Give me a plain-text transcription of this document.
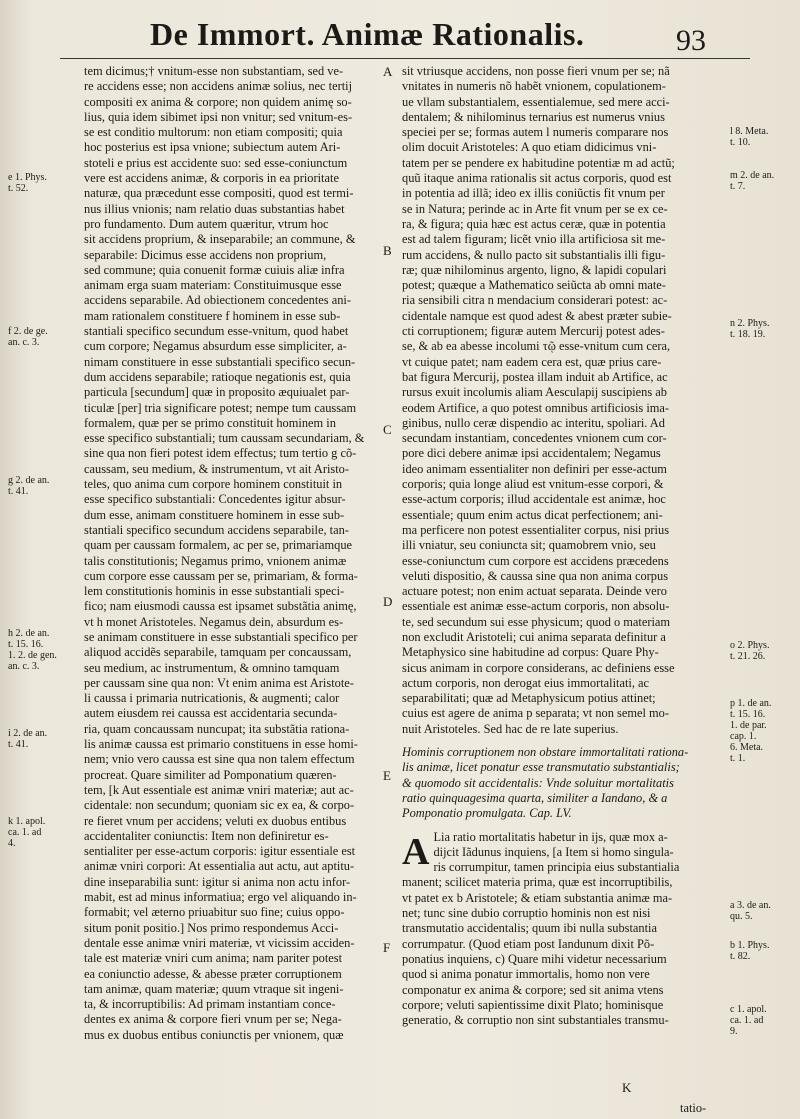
De Immort. Animæ Rationalis.	93
tem dicimus;† vnitum-esse non substantiam, sed ve-
re accidens esse; non accidens animæ solius, nec tertij
compositi ex anima & corpore; non quidem animę so-
lius, quia idem sibimet ipsi non vnitur; sed vnitum-es-
se est conditio multorum: non etiam compositi; quia
hoc posterius est ipsa vnione; subiectum autem Ari-
stoteli e prius est accidente suo: sed esse-coniunctum
vere est accidens animæ, & corporis in ea prioritate
naturæ, qua præcedunt esse compositi, quod est termi-
nus illius vnionis; nam relatio duas substantias habet
pro fundamento. Dum autem quæritur, vtrum hoc
sit accidens proprium, & inseparabile; an commune, &
separabile: Dicimus esse accidens non proprium,
sed commune; quia conuenit formæ cuiuis aliæ infra
animam erga suam materiam: Constituimusque esse
accidens separabile. Ad obiectionem concedentes ani-
mam rationalem constituere f hominem in esse sub-
stantiali specifico secundum esse-vnitum, quod habet
cum corpore; Negamus absurdum esse simpliciter, a-
nimam constituere in esse substantiali specifico secun-
dum accidens separabile; ratioque negationis est, quia
particula [secundum] quæ in proposito æquiualet par-
ticulæ [per] tria significare potest; nempe tum caussam
formalem, quæ per se primo constituit hominem in
esse specifico substantiali; tum caussam secundariam, &
sine qua non fieri potest idem effectus; tum tertio g cõ-
caussam, seu medium, & instrumentum, vt ait Aristo-
teles, quo anima cum corpore hominem constituit in
esse specifico substantiali: Concedentes igitur absur-
dum esse, animam constituere hominem in esse sub-
stantiali specifico secundum accidens separabile, tan-
quam per caussam formalem, ac per se, primariamque
talis constitutionis; Negamus primo, vnionem animæ
cum corpore esse caussam per se, primariam, & forma-
lem constitutionis hominis in esse substantiali speci-
fico; nam eiusmodi caussa est ipsamet substãtia animę,
vt h monet Aristoteles. Negamus dein, absurdum es-
se animam constituere in esse substantiali specifico per
aliquod accidẽs separabile, tamquam per concaussam,
seu medium, ac instrumentum, & omnino tamquam
per caussam sine qua non: Vt enim anima est Aristote-
li caussa i primaria nutricationis, & augmenti; calor
autem eiusdem rei caussa est accidentaria secunda-
ria, quam concaussam nuncupat; ita substãtia rationa-
lis animæ caussa est primario constituens in esse homi-
nem; vnio vero caussa est sine qua non talem effectum
procreat. Quare similiter ad Pomponatium quæren-
tem, [k Aut essentiale est animæ vniri materiæ; aut ac-
cidentale: non secundum; quoniam sic ex ea, & corpo-
re fieret vnum per accidens; veluti ex duobus entibus
accidentaliter coniunctis: Item non definiretur es-
sentialiter per esse-actum corporis: igitur essentiale est
animæ vniri corpori: At essentialia aut actu, aut aptitu-
dine inseparabilia sunt: igitur si anima non actu infor-
mabit, est ad minus informatiua; ergo vel aliquando in-
formabit; vel æterno priuabitur suo fine; cuius oppo-
situm ponit positio.] Nos primo respondemus Acci-
dentale esse animæ vniri materiæ, vt vicissim acciden-
tale est materiæ vniri cum anima; nam pariter potest
ea coniunctio adesse, & abesse præter corruptionem
tam animæ, quam materiæ; quum vtraque sit ingeni-
ta, & incorruptibilis: Ad primam instantiam conce-
dentes ex anima & corpore fieri vnum per se; Nega-
mus ex duobus entibus coniunctis per vnionem, quæ
sit vtriusque accidens, non posse fieri vnum per se; nã
vnitates in numeris nõ habẽt vnionem, copulationem-
ue vllam substantialem, essentialemue, sed mere acci-
dentalem; & nihilominus ternarius est numerus vnius
speciei per se; formas autem l numeris comparare nos
olim docuit Aristoteles: A quo etiam didicimus vni-
tatem per se pendere ex habitudine potentiæ m ad actũ;
quũ itaque anima rationalis sit actus corporis, quod est
in potentia ad illã; ideo ex illis coniũctis fit vnum per
se in Natura; perinde ac in Arte fit vnum per se ex ce-
ra, & figura; quia hæc est actus ceræ, quæ in potentia
est ad talem figuram; licẽt vnio illa artificiosa sit me-
rum accidens, & nullo pacto sit substantialis illi figu-
ræ; quæ nihilominus argento, ligno, & lapidi copulari
potest; quæque a Mathematico seiũcta ab omni mate-
ria sensibili citra n mendacium considerari potest: ac-
cidentale namque est quod adest & abest præter subie-
cti corruptionem; figuræ autem Mercurij potest ades-
se, & ab ea abesse incolumi τῷ esse-vnitum cum cera,
vt cuique patet; nam eadem cera est, quæ prius care-
bat figura Mercurij, postea illam induit ab Artifice, ac
rursus exuit incolumis aliam Aesculapij suscipiens ab
eodem Artifice, a quo potest omnibus artificiosis ima-
ginibus, nullo ceræ dispendio ac interitu, spoliari. Ad
secundam instantiam, concedentes vnionem cum cor-
pore dici debere animæ ipsi accidentalem; Negamus
ideo animam essentialiter non definiri per esse-actum
corporis; quia longe aliud est vnitum-esse corpori, &
esse-actum corporis; illud accidentale est animæ, hoc
essentiale; quum enim actus dicat perfectionem; ani-
ma perficere non potest essentialiter corpus, nisi prius
illi vniatur, seu coniuncta sit; quamobrem vnio, seu
esse-coniunctum cum corpore est accidens præcedens
veluti dispositio, & caussa sine qua non anima corpus
actuare potest; non enim actuat separata. Deinde vero
essentiale est animæ esse-actum corporis, non absolu-
te, sed secundum sui esse physicum; quod o materiam
non excludit Aristoteli; cui anima separata definitur a
Metaphysico sine habitudine ad corpus: Quare Phy-
sicus animam in corpore considerans, ac definiens esse
actum corporis, non derogat eius immortalitati, ac
separabilitati; quæ ad Metaphysicum potius attinet;
cuius est agere de anima p separata; vt non semel mo-
nuit Aristoteles. Sed hac de re late superius.
Hominis corruptionem non obstare immortalitati rationa-
lis animæ, licet ponatur esse transmutatio substantialis;
& quomodo sit accidentalis: Vnde soluitur mortalitatis
ratio quinquagesima quarta, similiter a Iandano, & a
Pomponatio promulgata. Cap. LV.
A Lia ratio mortalitatis habetur in ijs, quæ mox a-
dijcit Iãdunus inquiens, [a Item si homo singula-
ris corrumpitur, tamen principia eius substantialia
manent; scilicet materia prima, quæ est incorruptibilis,
vt patet ex b Aristotele; & etiam substantia animæ ma-
net; tunc sine dubio corruptio hominis non est nisi
transmutatio accidentalis; quum ibi nulla substantia
corrumpatur. (Quod etiam post Iandunum dixit Põ-
ponatius inquiens, c) Quare mihi videtur necessarium
quod si anima ponatur immortalis, homo non vere
componatur ex anima & corpore; sed sit anima vtens
corpore; veluti sapientissime dixit Plato; hominisque
generatio, & corruptio non sint substantiales transmu-
A
B
C
D
E
F
e 1. Phys.
t. 52.
f 2. de ge.
an. c. 3.
g 2. de an.
t. 41.
h 2. de an.
t. 15. 16.
1. 2. de gen.
an. c. 3.
i 2. de an.
t. 41.
k 1. apol.
ca. 1. ad
4.
l 8. Meta.
t. 10.
m 2. de an.
t. 7.
n 2. Phys.
t. 18. 19.
o 2. Phys.
t. 21. 26.
p 1. de an.
t. 15. 16.
1. de par.
cap. 1.
6. Meta.
t. 1.
a 3. de an.
qu. 5.
b 1. Phys.
t. 82.
c 1. apol.
ca. 1. ad
9.
K
tatio-
